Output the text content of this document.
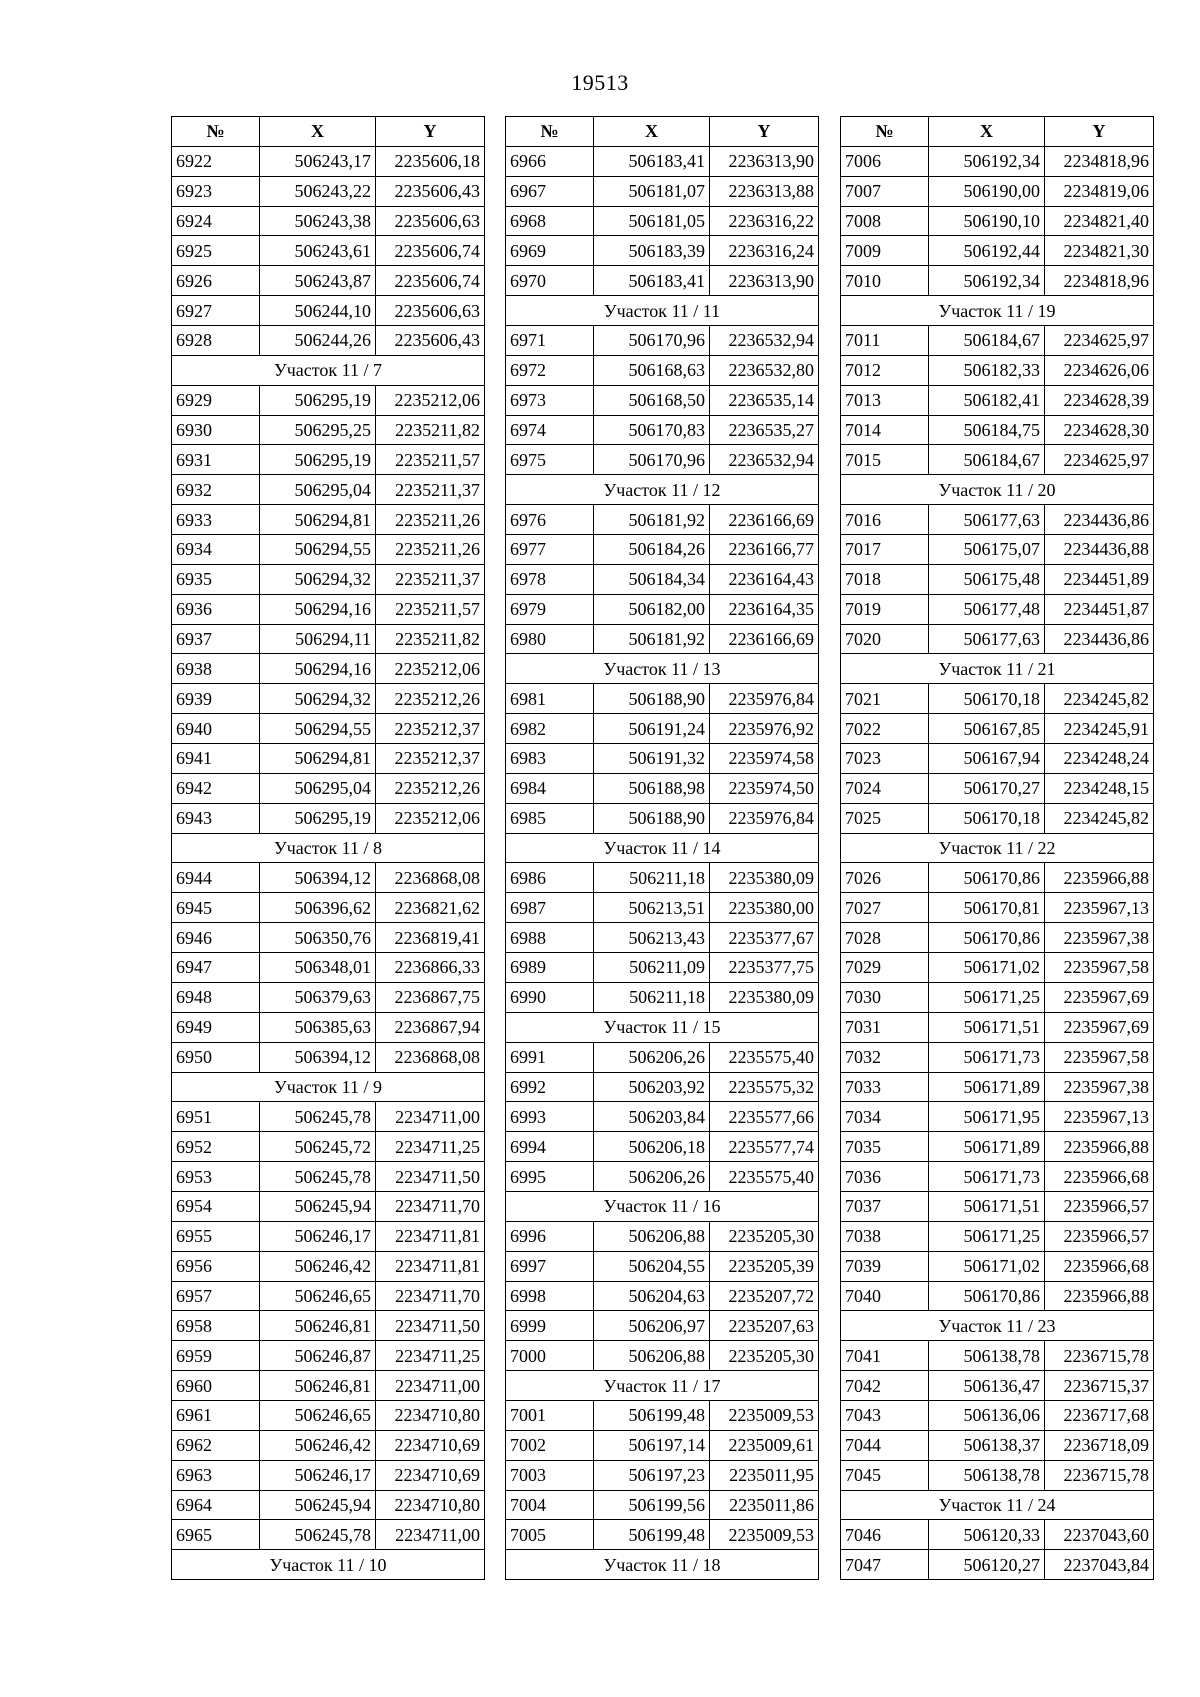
19513
№	X	Y
6922	506243,17	2235606,18
6923	506243,22	2235606,43
6924	506243,38	2235606,63
6925	506243,61	2235606,74
6926	506243,87	2235606,74
6927	506244,10	2235606,63
6928	506244,26	2235606,43
Участок 11 / 7		
6929	506295,19	2235212,06
6930	506295,25	2235211,82
6931	506295,19	2235211,57
6932	506295,04	2235211,37
6933	506294,81	2235211,26
6934	506294,55	2235211,26
6935	506294,32	2235211,37
6936	506294,16	2235211,57
6937	506294,11	2235211,82
6938	506294,16	2235212,06
6939	506294,32	2235212,26
6940	506294,55	2235212,37
6941	506294,81	2235212,37
6942	506295,04	2235212,26
6943	506295,19	2235212,06
Участок 11 / 8		
6944	506394,12	2236868,08
6945	506396,62	2236821,62
6946	506350,76	2236819,41
6947	506348,01	2236866,33
6948	506379,63	2236867,75
6949	506385,63	2236867,94
6950	506394,12	2236868,08
Участок 11 / 9		
6951	506245,78	2234711,00
6952	506245,72	2234711,25
6953	506245,78	2234711,50
6954	506245,94	2234711,70
6955	506246,17	2234711,81
6956	506246,42	2234711,81
6957	506246,65	2234711,70
6958	506246,81	2234711,50
6959	506246,87	2234711,25
6960	506246,81	2234711,00
6961	506246,65	2234710,80
6962	506246,42	2234710,69
6963	506246,17	2234710,69
6964	506245,94	2234710,80
6965	506245,78	2234711,00
Участок 11 / 10		
№	X	Y
6966	506183,41	2236313,90
6967	506181,07	2236313,88
6968	506181,05	2236316,22
6969	506183,39	2236316,24
6970	506183,41	2236313,90
Участок 11 / 11		
6971	506170,96	2236532,94
6972	506168,63	2236532,80
6973	506168,50	2236535,14
6974	506170,83	2236535,27
6975	506170,96	2236532,94
Участок 11 / 12		
6976	506181,92	2236166,69
6977	506184,26	2236166,77
6978	506184,34	2236164,43
6979	506182,00	2236164,35
6980	506181,92	2236166,69
Участок 11 / 13		
6981	506188,90	2235976,84
6982	506191,24	2235976,92
6983	506191,32	2235974,58
6984	506188,98	2235974,50
6985	506188,90	2235976,84
Участок 11 / 14		
6986	506211,18	2235380,09
6987	506213,51	2235380,00
6988	506213,43	2235377,67
6989	506211,09	2235377,75
6990	506211,18	2235380,09
Участок 11 / 15		
6991	506206,26	2235575,40
6992	506203,92	2235575,32
6993	506203,84	2235577,66
6994	506206,18	2235577,74
6995	506206,26	2235575,40
Участок 11 / 16		
6996	506206,88	2235205,30
6997	506204,55	2235205,39
6998	506204,63	2235207,72
6999	506206,97	2235207,63
7000	506206,88	2235205,30
Участок 11 / 17		
7001	506199,48	2235009,53
7002	506197,14	2235009,61
7003	506197,23	2235011,95
7004	506199,56	2235011,86
7005	506199,48	2235009,53
Участок 11 / 18		
№	X	Y
7006	506192,34	2234818,96
7007	506190,00	2234819,06
7008	506190,10	2234821,40
7009	506192,44	2234821,30
7010	506192,34	2234818,96
Участок 11 / 19		
7011	506184,67	2234625,97
7012	506182,33	2234626,06
7013	506182,41	2234628,39
7014	506184,75	2234628,30
7015	506184,67	2234625,97
Участок 11 / 20		
7016	506177,63	2234436,86
7017	506175,07	2234436,88
7018	506175,48	2234451,89
7019	506177,48	2234451,87
7020	506177,63	2234436,86
Участок 11 / 21		
7021	506170,18	2234245,82
7022	506167,85	2234245,91
7023	506167,94	2234248,24
7024	506170,27	2234248,15
7025	506170,18	2234245,82
Участок 11 / 22		
7026	506170,86	2235966,88
7027	506170,81	2235967,13
7028	506170,86	2235967,38
7029	506171,02	2235967,58
7030	506171,25	2235967,69
7031	506171,51	2235967,69
7032	506171,73	2235967,58
7033	506171,89	2235967,38
7034	506171,95	2235967,13
7035	506171,89	2235966,88
7036	506171,73	2235966,68
7037	506171,51	2235966,57
7038	506171,25	2235966,57
7039	506171,02	2235966,68
7040	506170,86	2235966,88
Участок 11 / 23		
7041	506138,78	2236715,78
7042	506136,47	2236715,37
7043	506136,06	2236717,68
7044	506138,37	2236718,09
7045	506138,78	2236715,78
Участок 11 / 24		
7046	506120,33	2237043,60
7047	506120,27	2237043,84
